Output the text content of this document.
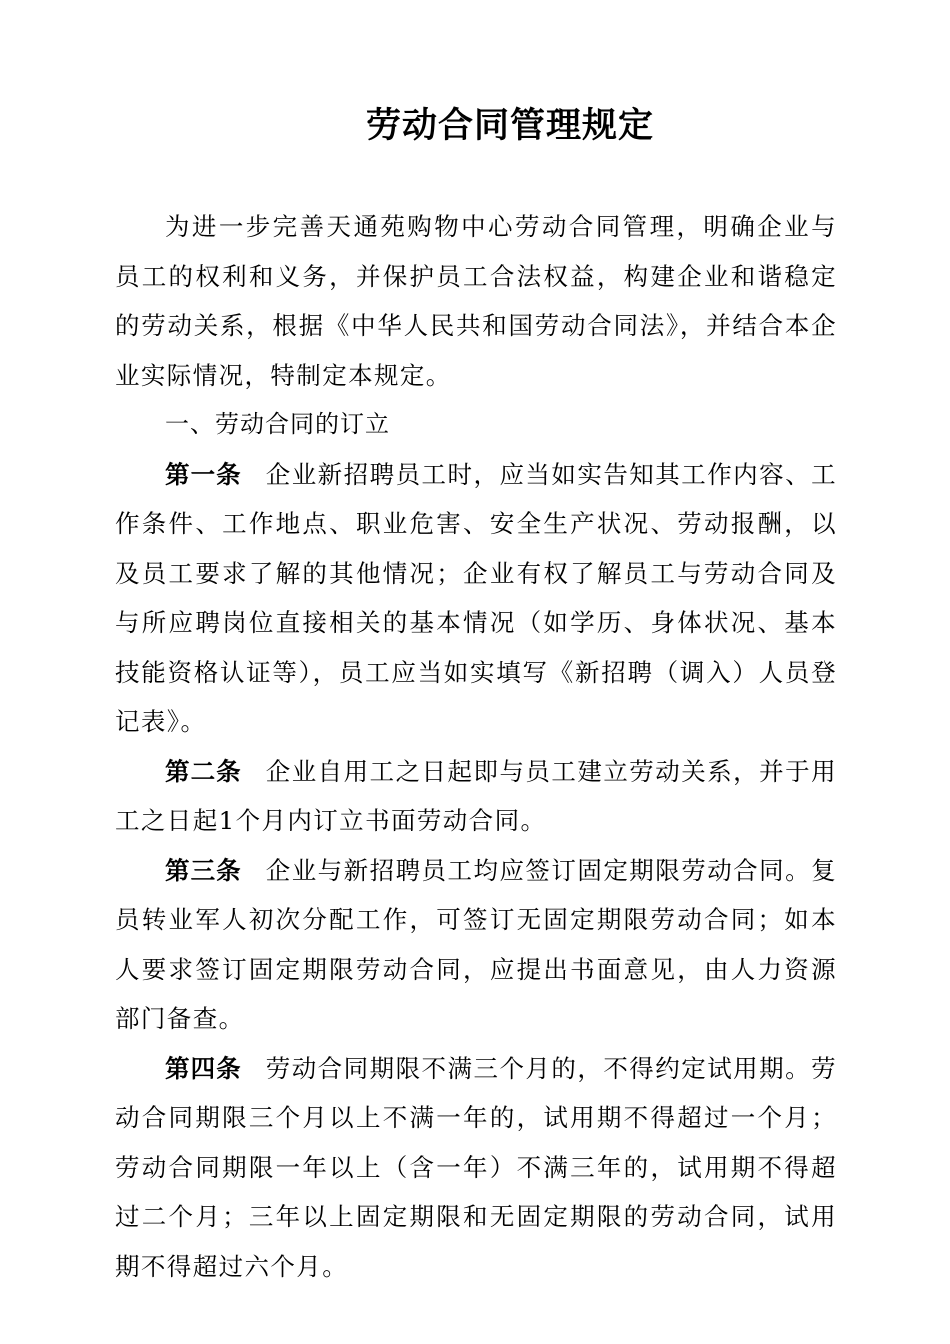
劳动合同管理规定

为进一步完善天通苑购物中心劳动合同管理，明确企业与员工的权利和义务，并保护员工合法权益，构建企业和谐稳定的劳动关系，根据《中华人民共和国劳动合同法》，并结合本企业实际情况，特制定本规定。

一、劳动合同的订立

第一条 企业新招聘员工时，应当如实告知其工作内容、工作条件、工作地点、职业危害、安全生产状况、劳动报酬，以及员工要求了解的其他情况；企业有权了解员工与劳动合同及与所应聘岗位直接相关的基本情况（如学历、身体状况、基本技能资格认证等），员工应当如实填写《新招聘（调入）人员登记表》。

第二条 企业自用工之日起即与员工建立劳动关系，并于用工之日起1个月内订立书面劳动合同。

第三条 企业与新招聘员工均应签订固定期限劳动合同。复员转业军人初次分配工作，可签订无固定期限劳动合同；如本人要求签订固定期限劳动合同，应提出书面意见，由人力资源部门备查。

第四条 劳动合同期限不满三个月的，不得约定试用期。劳动合同期限三个月以上不满一年的，试用期不得超过一个月；劳动合同期限一年以上（含一年）不满三年的，试用期不得超过二个月；三年以上固定期限和无固定期限的劳动合同，试用期不得超过六个月。
